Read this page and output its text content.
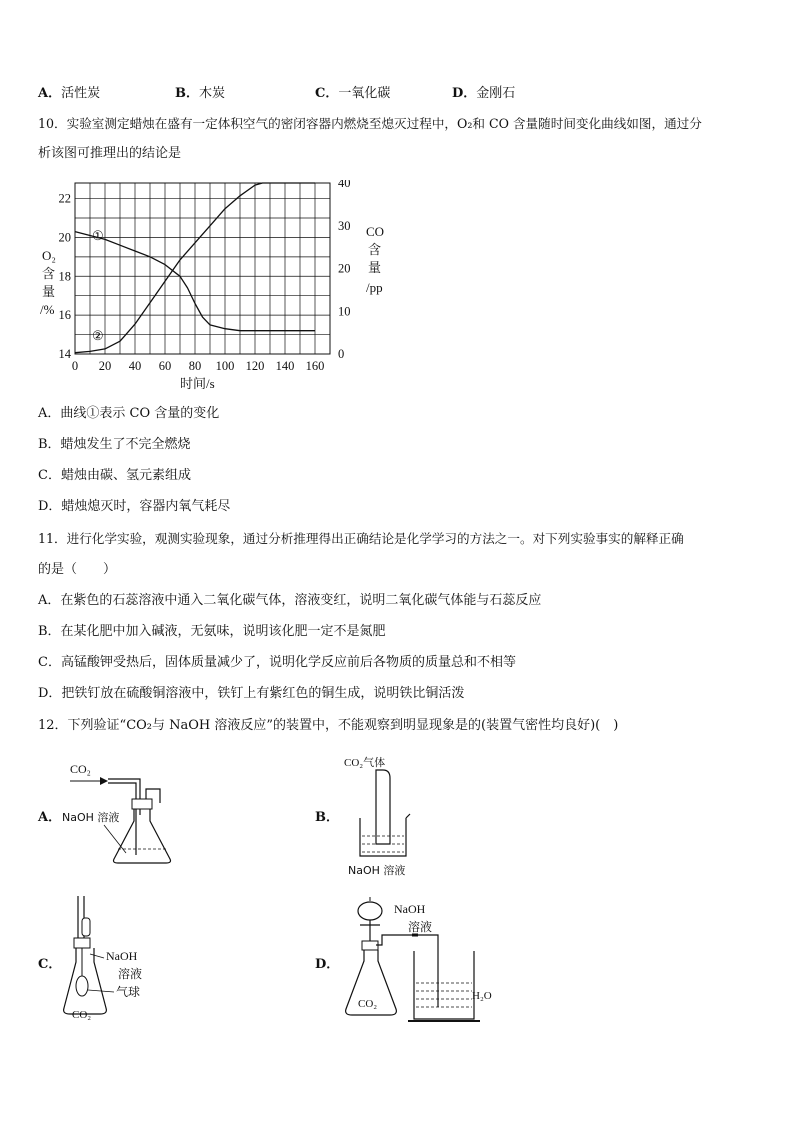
A．活性炭	B．木炭	C．一氧化碳	D．金刚石
10．实验室测定蜡烛在盛有一定体积空气的密闭容器内燃烧至熄灭过程中，O₂和 CO 含量随时间变化曲线如图，通过分
析该图可推理出的结论是
0 20 40 60 80 100 120 140 160
14
16
18
20
22
0
10
20
30
40
①
②
O₂
含
量
/%
CO
含
量
/pp
时间/s
A．曲线①表示 CO 含量的变化
B．蜡烛发生了不完全燃烧
C．蜡烛由碳、氢元素组成
D．蜡烛熄灭时，容器内氧气耗尽
11．进行化学实验，观测实验现象，通过分析推理得出正确结论是化学学习的方法之一。对下列实验事实的解释正确
的是（　　）
A．在紫色的石蕊溶液中通入二氧化碳气体，溶液变红，说明二氧化碳气体能与石蕊反应
B．在某化肥中加入碱液，无氨味，说明该化肥一定不是氮肥
C．高锰酸钾受热后，固体质量减少了，说明化学反应前后各物质的质量总和不相等
D．把铁钉放在硫酸铜溶液中，铁钉上有紫红色的铜生成，说明铁比铜活泼
12．下列验证“CO₂与 NaOH 溶液反应”的装置中，不能观察到明显现象是的(装置气密性均良好)(　)
A．
CO₂
NaOH 溶液	B．
CO₂气体
NaOH 溶液
C．
NaOH
溶液
气球
CO₂
D．
NaOH
溶液
CO₂
H₂O
